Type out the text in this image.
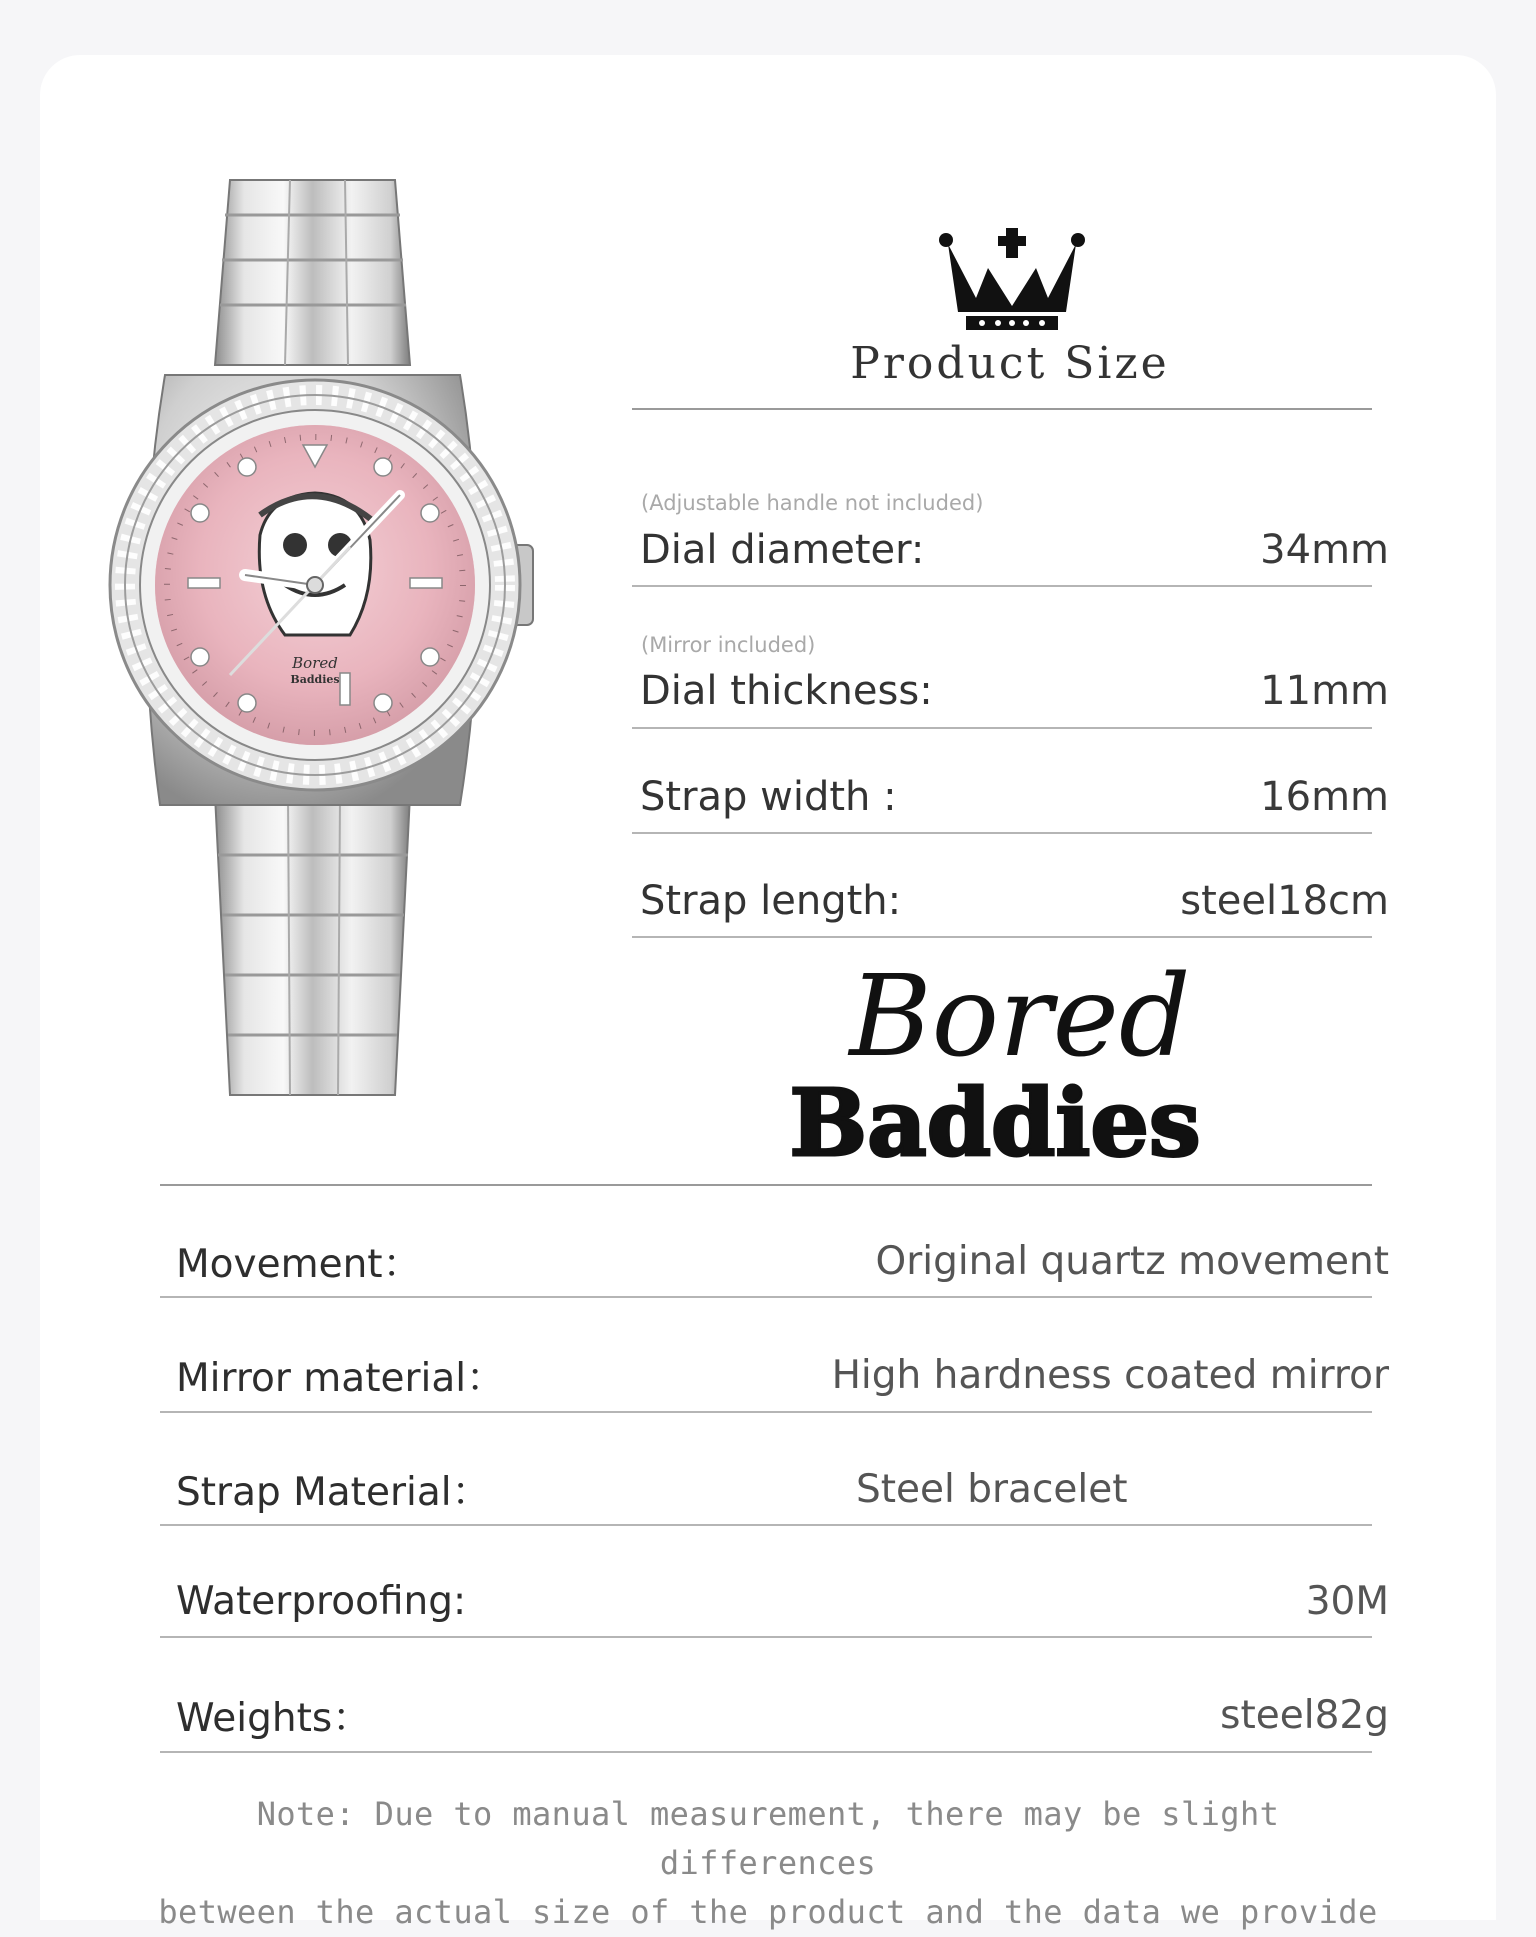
Bored
Baddies
Product Size
(Adjustable handle not included)
Dial diameter:	34mm
(Mirror included)
Dial thickness:	11mm
Strap width :	16mm
Strap length:	steel18cm
Bored
Baddies
Movement：	Original quartz movement
Mirror material：	High hardness coated mirror
Strap Material：	Steel bracelet
Waterproofing:	30M
Weights：	steel82g
Note: Due to manual measurement, there may be slight differences
between the actual size of the product and the data we provide
